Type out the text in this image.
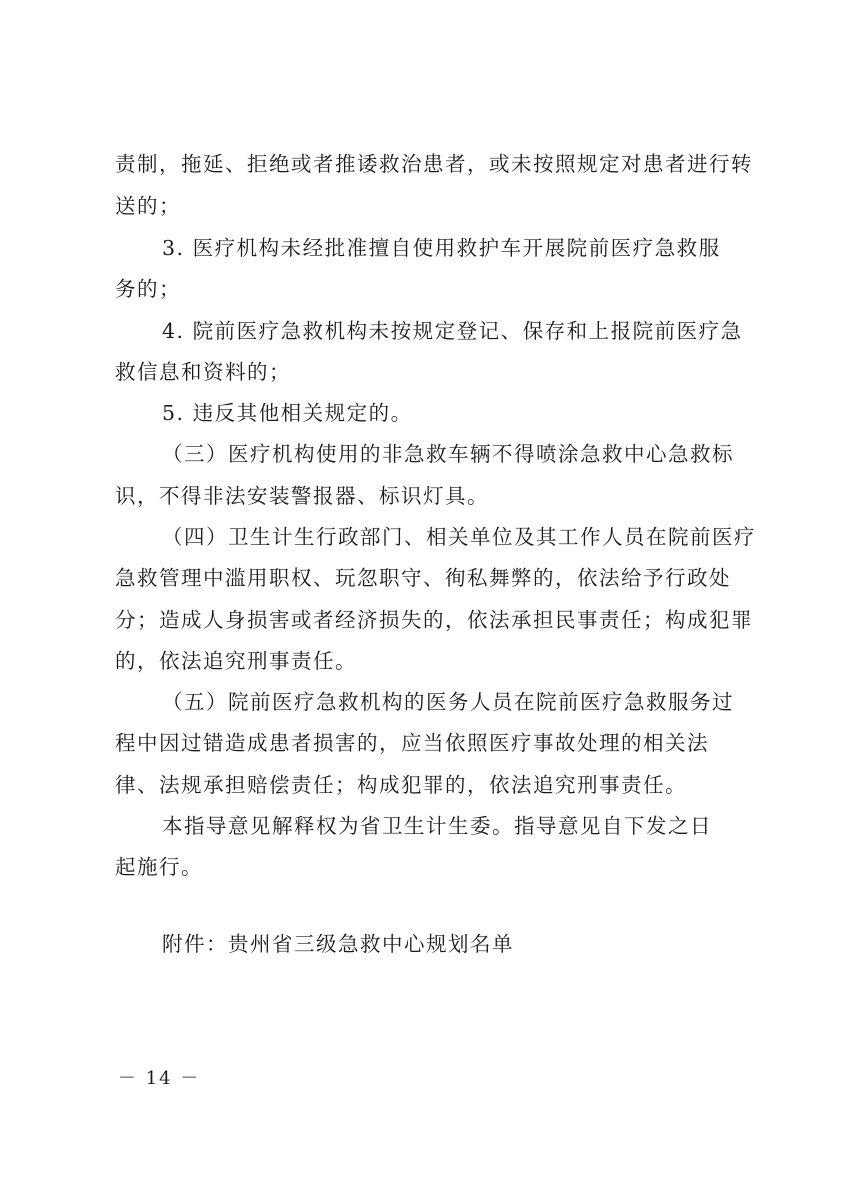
责制，拖延、拒绝或者推诿救治患者，或未按照规定对患者进行转
送的；
3. 医疗机构未经批准擅自使用救护车开展院前医疗急救服
务的；
4. 院前医疗急救机构未按规定登记、保存和上报院前医疗急
救信息和资料的；
5. 违反其他相关规定的。
（三）医疗机构使用的非急救车辆不得喷涂急救中心急救标
识，不得非法安装警报器、标识灯具。
（四）卫生计生行政部门、相关单位及其工作人员在院前医疗
急救管理中滥用职权、玩忽职守、徇私舞弊的，依法给予行政处
分；造成人身损害或者经济损失的，依法承担民事责任；构成犯罪
的，依法追究刑事责任。
（五）院前医疗急救机构的医务人员在院前医疗急救服务过
程中因过错造成患者损害的，应当依照医疗事故处理的相关法
律、法规承担赔偿责任；构成犯罪的，依法追究刑事责任。
本指导意见解释权为省卫生计生委。指导意见自下发之日
起施行。
附件：贵州省三级急救中心规划名单
－ 14 －
